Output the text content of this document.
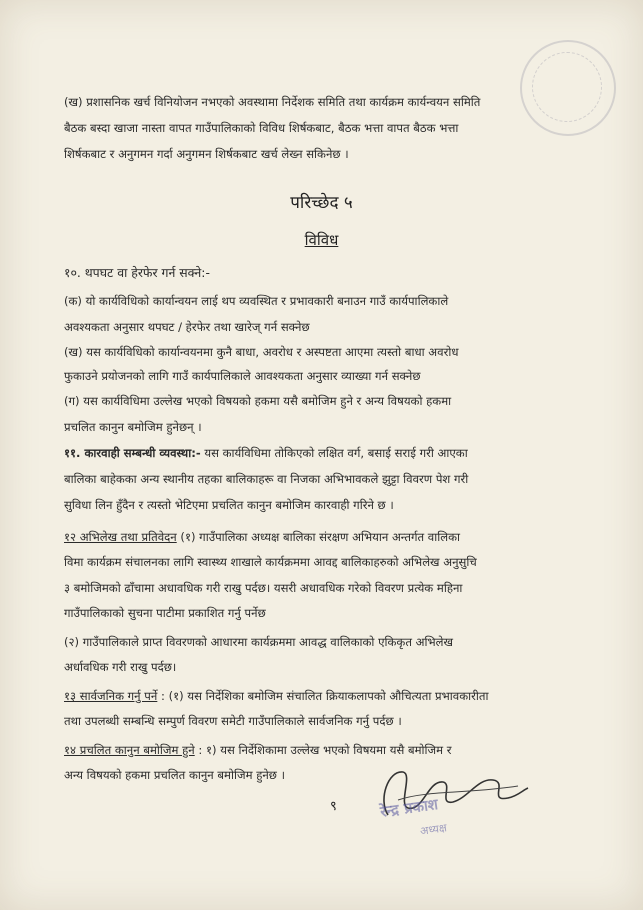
(ख) प्रशासनिक खर्च विनियोजन नभएको अवस्थामा निर्देशक समिति तथा कार्यक्रम कार्यन्वयन समिति
बैठक बस्दा खाजा नास्ता वापत गाउँपालिकाको विविध शिर्षकबाट, बैठक भत्ता वापत बैठक भत्ता
शिर्षकबाट र अनुगमन गर्दा अनुगमन शिर्षकबाट खर्च लेख्न सकिनेछ ।
परिच्छेद ५
विविध
१०. थपघट वा हेरफेर गर्न सक्ने:-
(क) यो कार्यविधिको कार्यान्वयन लाई थप व्यवस्थित र प्रभावकारी बनाउन गाउँ कार्यपालिकाले
अवश्यकता अनुसार थपघट / हेरफेर तथा खारेज् गर्न सक्नेछ
(ख) यस कार्यविधिको कार्यान्वयनमा कुनै बाधा, अवरोध र अस्पष्टता आएमा त्यस्तो बाधा अवरोध
फुकाउने प्रयोजनको लागि गाउँ कार्यपालिकाले आवश्यकता अनुसार व्याख्या गर्न सक्नेछ
(ग) यस कार्यविधिमा उल्लेख भएको विषयको हकमा यसै बमोजिम हुने र अन्य विषयको हकमा
प्रचलित कानुन बमोजिम हुनेछन् ।
११. कारवाही सम्बन्धी व्यवस्था:- यस कार्यविधिमा तोकिएको लक्षित वर्ग, बसाई सराई गरी आएका
बालिका बाहेकका अन्य स्थानीय तहका बालिकाहरू वा निजका अभिभावकले झुट्टा विवरण पेश गरी
सुविधा लिन हुँदैन र त्यस्तो भेटिएमा प्रचलित कानुन बमोजिम कारवाही गरिने छ ।
१२ अभिलेख तथा प्रतिवेदन (१) गाउँपालिका अध्यक्ष बालिका संरक्षण अभियान अन्तर्गत वालिका
विमा कार्यक्रम संचालनका लागि स्वास्थ्य शाखाले कार्यक्रममा आवद्द बालिकाहरुको अभिलेख अनुसुचि
३ बमोजिमको ढाँचामा अधावधिक गरी राखु पर्दछ। यसरी अधावधिक गरेको विवरण प्रत्येक महिना
गाउँपालिकाको सुचना पाटीमा प्रकाशित गर्नु पर्नेछ
(२) गाउँपालिकाले प्राप्त विवरणको आधारमा कार्यक्रममा आवद्ध वालिकाको एकिकृत अभिलेख
अर्धावधिक गरी राखु पर्दछ।
१३ सार्वजनिक गर्नु पर्ने : (१) यस निर्देशिका बमोजिम संचालित क्रियाकलापको औचित्यता प्रभावकारीता
तथा उपलब्धी सम्बन्धि सम्पुर्ण विवरण समेटी गाउँपालिकाले सार्वजनिक गर्नु पर्दछ ।
१४ प्रचलित कानुन बमोजिम हुने : १) यस निर्देशिकामा उल्लेख भएको विषयमा यसै बमोजिम र
अन्य विषयको हकमा प्रचलित कानुन बमोजिम हुनेछ ।
९	रेन्द्र प्रकाश
अध्यक्ष
